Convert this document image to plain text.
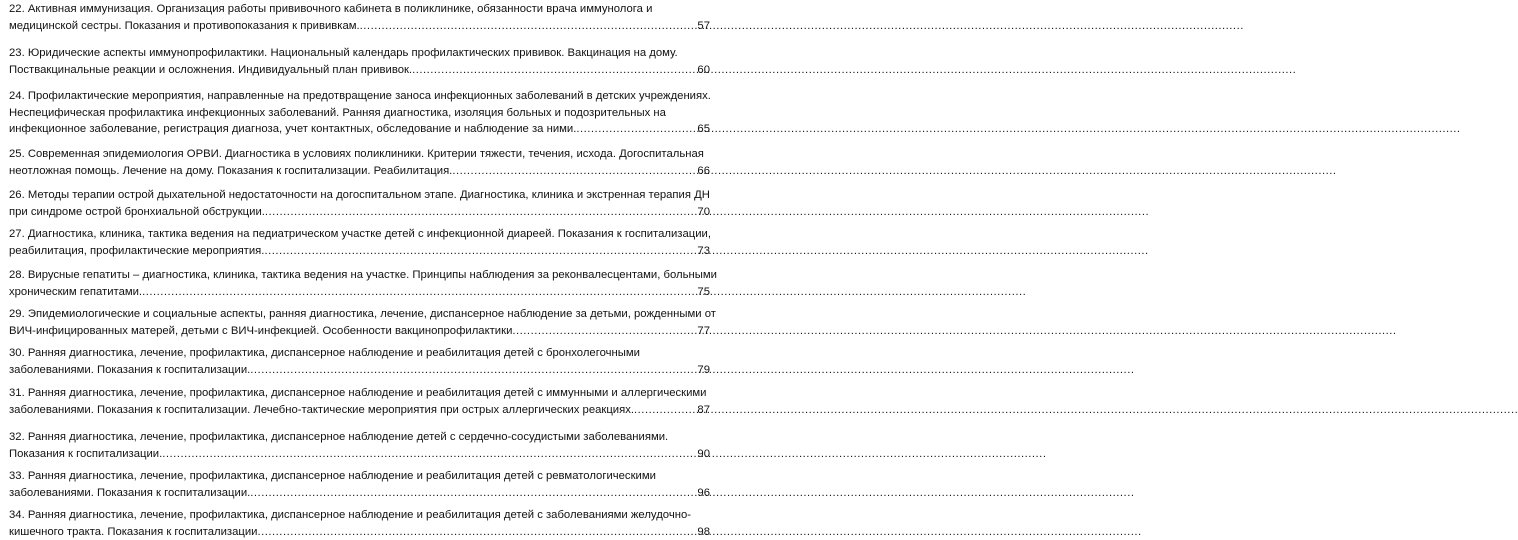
22. Активная иммунизация. Организация работы прививочного кабинета в поликлинике, обязанности врача иммунолога и
медицинской сестры. Показания и противопоказания к прививкам. .....	57
23. Юридические аспекты иммунопрофилактики. Национальный календарь профилактических прививок. Вакцинация на дому.
Поствакцинальные реакции и осложнения. Индивидуальный план прививок. .....	60
24. Профилактические мероприятия, направленные на предотвращение заноса инфекционных заболеваний в детских учреждениях.
Неспецифическая профилактика инфекционных заболеваний. Ранняя диагностика, изоляция больных и подозрительных на
инфекционное заболевание, регистрация диагноза, учет контактных, обследование и наблюдение за ними. .....	65
25. Современная эпидемиология ОРВИ. Диагностика в условиях поликлиники. Критерии тяжести, течения, исхода. Догоспитальная
неотложная помощь. Лечение на дому. Показания к госпитализации. Реабилитация. .....	66
26. Методы терапии острой дыхательной недостаточности на догоспитальном этапе. Диагностика, клиника и экстренная терапия ДН
при синдроме острой бронхиальной обструкции. .....	70
27. Диагностика, клиника, тактика ведения на педиатрическом участке детей с инфекционной диареей. Показания к госпитализации,
реабилитация, профилактические мероприятия. .....	73
28. Вирусные гепатиты – диагностика, клиника, тактика ведения на участке. Принципы наблюдения за реконвалесцентами, больными
хроническим гепатитами. .....	75
29. Эпидемиологические и социальные аспекты, ранняя диагностика, лечение, диспансерное наблюдение за детьми, рожденными от
ВИЧ-инфицированных матерей, детьми с ВИЧ-инфекцией. Особенности вакцинопрофилактики .....	77
30. Ранняя диагностика, лечение, профилактика, диспансерное наблюдение и реабилитация детей с бронхолегочными
заболеваниями. Показания к госпитализации. .....	79
31. Ранняя диагностика, лечение, профилактика, диспансерное наблюдение и реабилитация детей с иммунными и аллергическими
заболеваниями. Показания к госпитализации. Лечебно-тактические мероприятия при острых аллергических реакциях. .....	87
32. Ранняя диагностика, лечение, профилактика, диспансерное наблюдение детей с сердечно-сосудистыми заболеваниями.
Показания к госпитализации. .....	90
33. Ранняя диагностика, лечение, профилактика, диспансерное наблюдение и реабилитация детей с ревматологическими
заболеваниями. Показания к госпитализации. .....	96
34. Ранняя диагностика, лечение, профилактика, диспансерное наблюдение и реабилитация детей с заболеваниями желудочно-
кишечного тракта. Показания к госпитализации .....	98
